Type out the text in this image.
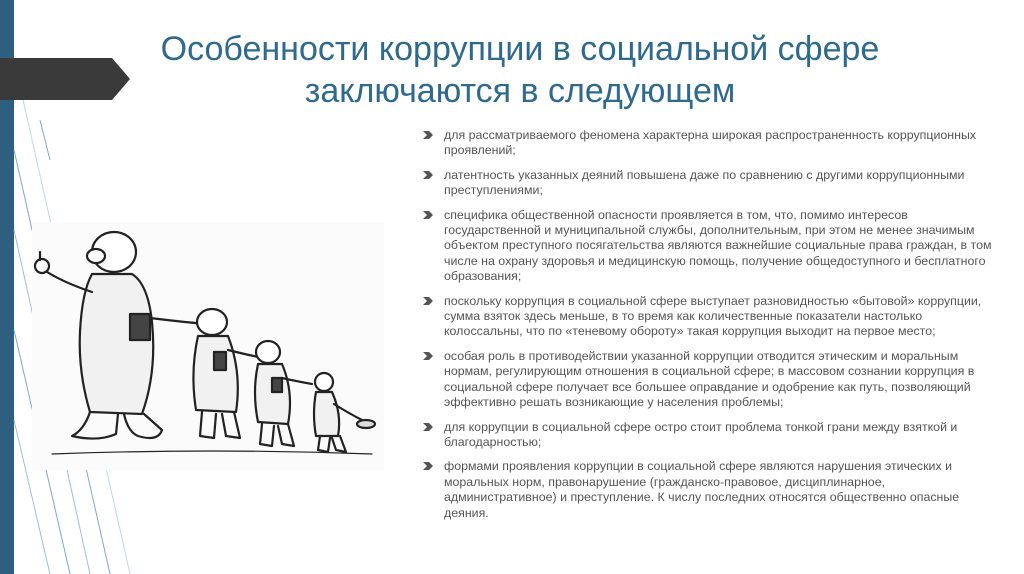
Особенности коррупции в социальной сфере
заключаются в следующем
для рассматриваемого феномена характерна широкая распространенность коррупционных проявлений;
латентность указанных деяний повышена даже по сравнению с другими коррупционными преступлениями;
специфика общественной опасности проявляется в том, что, помимо интересов государственной и муниципальной службы, дополнительным, при этом не менее значимым объектом преступного посягательства являются важнейшие социальные права граждан, в том числе на охрану здоровья и медицинскую помощь, получение общедоступного и бесплатного образования;
поскольку коррупция в социальной сфере выступает разновидностью «бытовой» коррупции, сумма взяток здесь меньше, в то время как количественные показатели настолько колоссальны, что по «теневому обороту» такая коррупция выходит на первое место;
особая роль в противодействии указанной коррупции отводится этическим и моральным нормам, регулирующим отношения в социальной сфере; в массовом сознании коррупция в социальной сфере получает все большее оправдание и одобрение как путь, позволяющий эффективно решать возникающие у населения проблемы;
для коррупции в социальной сфере остро стоит проблема тонкой грани между взяткой и благодарностью;
формами проявления коррупции в социальной сфере являются нарушения этических и моральных норм, правонарушение (гражданско-правовое, дисциплинарное, административное) и преступление. К числу последних относятся общественно опасные деяния.
